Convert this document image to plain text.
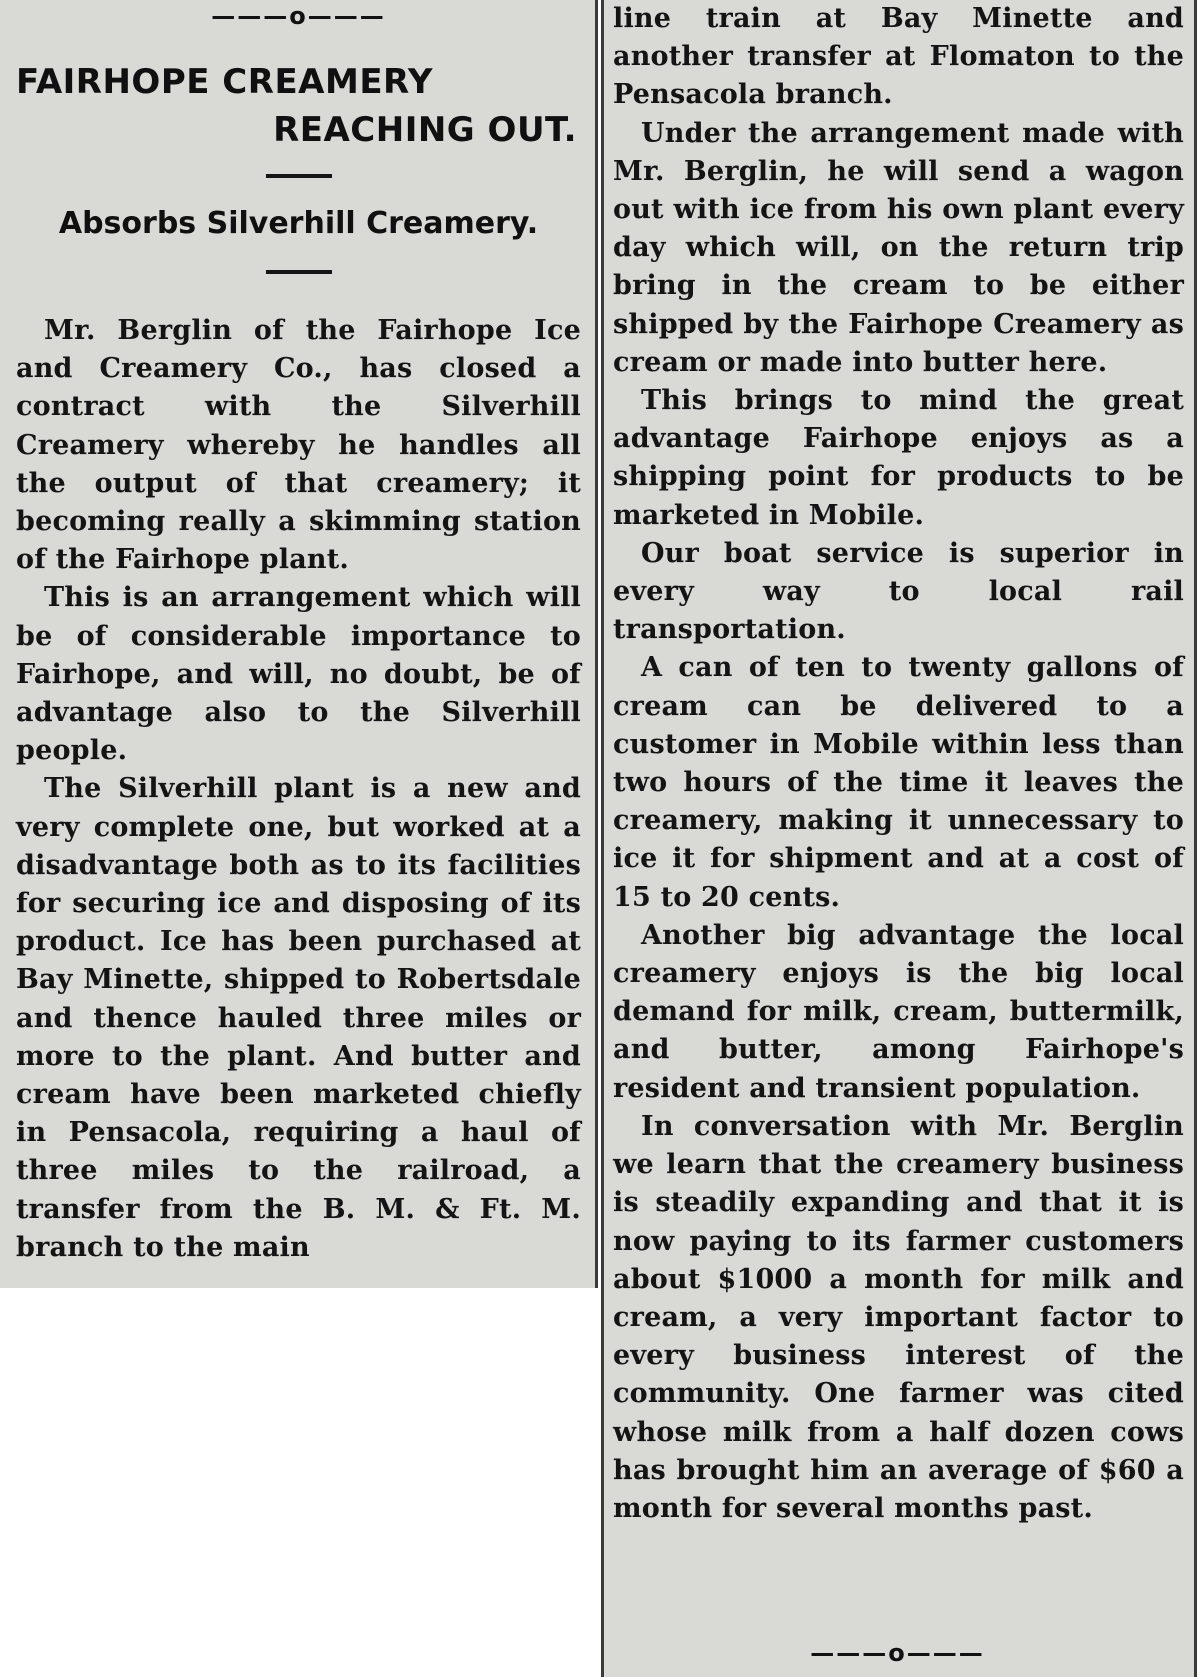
———o———
FAIRHOPE CREAMERY
REACHING OUT.
Absorbs Silverhill Creamery.

Mr. Berglin of the Fairhope Ice and Creamery Co., has closed a contract with the Silverhill Creamery whereby he handles all the output of that creamery; it becoming really a skimming station of the Fairhope plant.

This is an arrangement which will be of considerable importance to Fairhope, and will, no doubt, be of advantage also to the Silverhill people.

The Silverhill plant is a new and very complete one, but worked at a disadvantage both as to its facilities for securing ice and disposing of its product. Ice has been purchased at Bay Minette, shipped to Robertsdale and thence hauled three miles or more to the plant. And butter and cream have been marketed chiefly in Pensacola, requiring a haul of three miles to the railroad, a transfer from the B. M. & Ft. M. branch to the main

line train at Bay Minette and another transfer at Flomaton to the Pensacola branch.

Under the arrangement made with Mr. Berglin, he will send a wagon out with ice from his own plant every day which will, on the return trip bring in the cream to be either shipped by the Fairhope Creamery as cream or made into butter here.

This brings to mind the great advantage Fairhope enjoys as a shipping point for products to be marketed in Mobile.

Our boat service is superior in every way to local rail transportation.

A can of ten to twenty gallons of cream can be delivered to a customer in Mobile within less than two hours of the time it leaves the creamery, making it unnecessary to ice it for shipment and at a cost of 15 to 20 cents.

Another big advantage the local creamery enjoys is the big local demand for milk, cream, buttermilk, and butter, among Fairhope's resident and transient population.

In conversation with Mr. Berglin we learn that the creamery business is steadily expanding and that it is now paying to its farmer customers about $1000 a month for milk and cream, a very important factor to every business interest of the community. One farmer was cited whose milk from a half dozen cows has brought him an average of $60 a month for several months past.

———o———
